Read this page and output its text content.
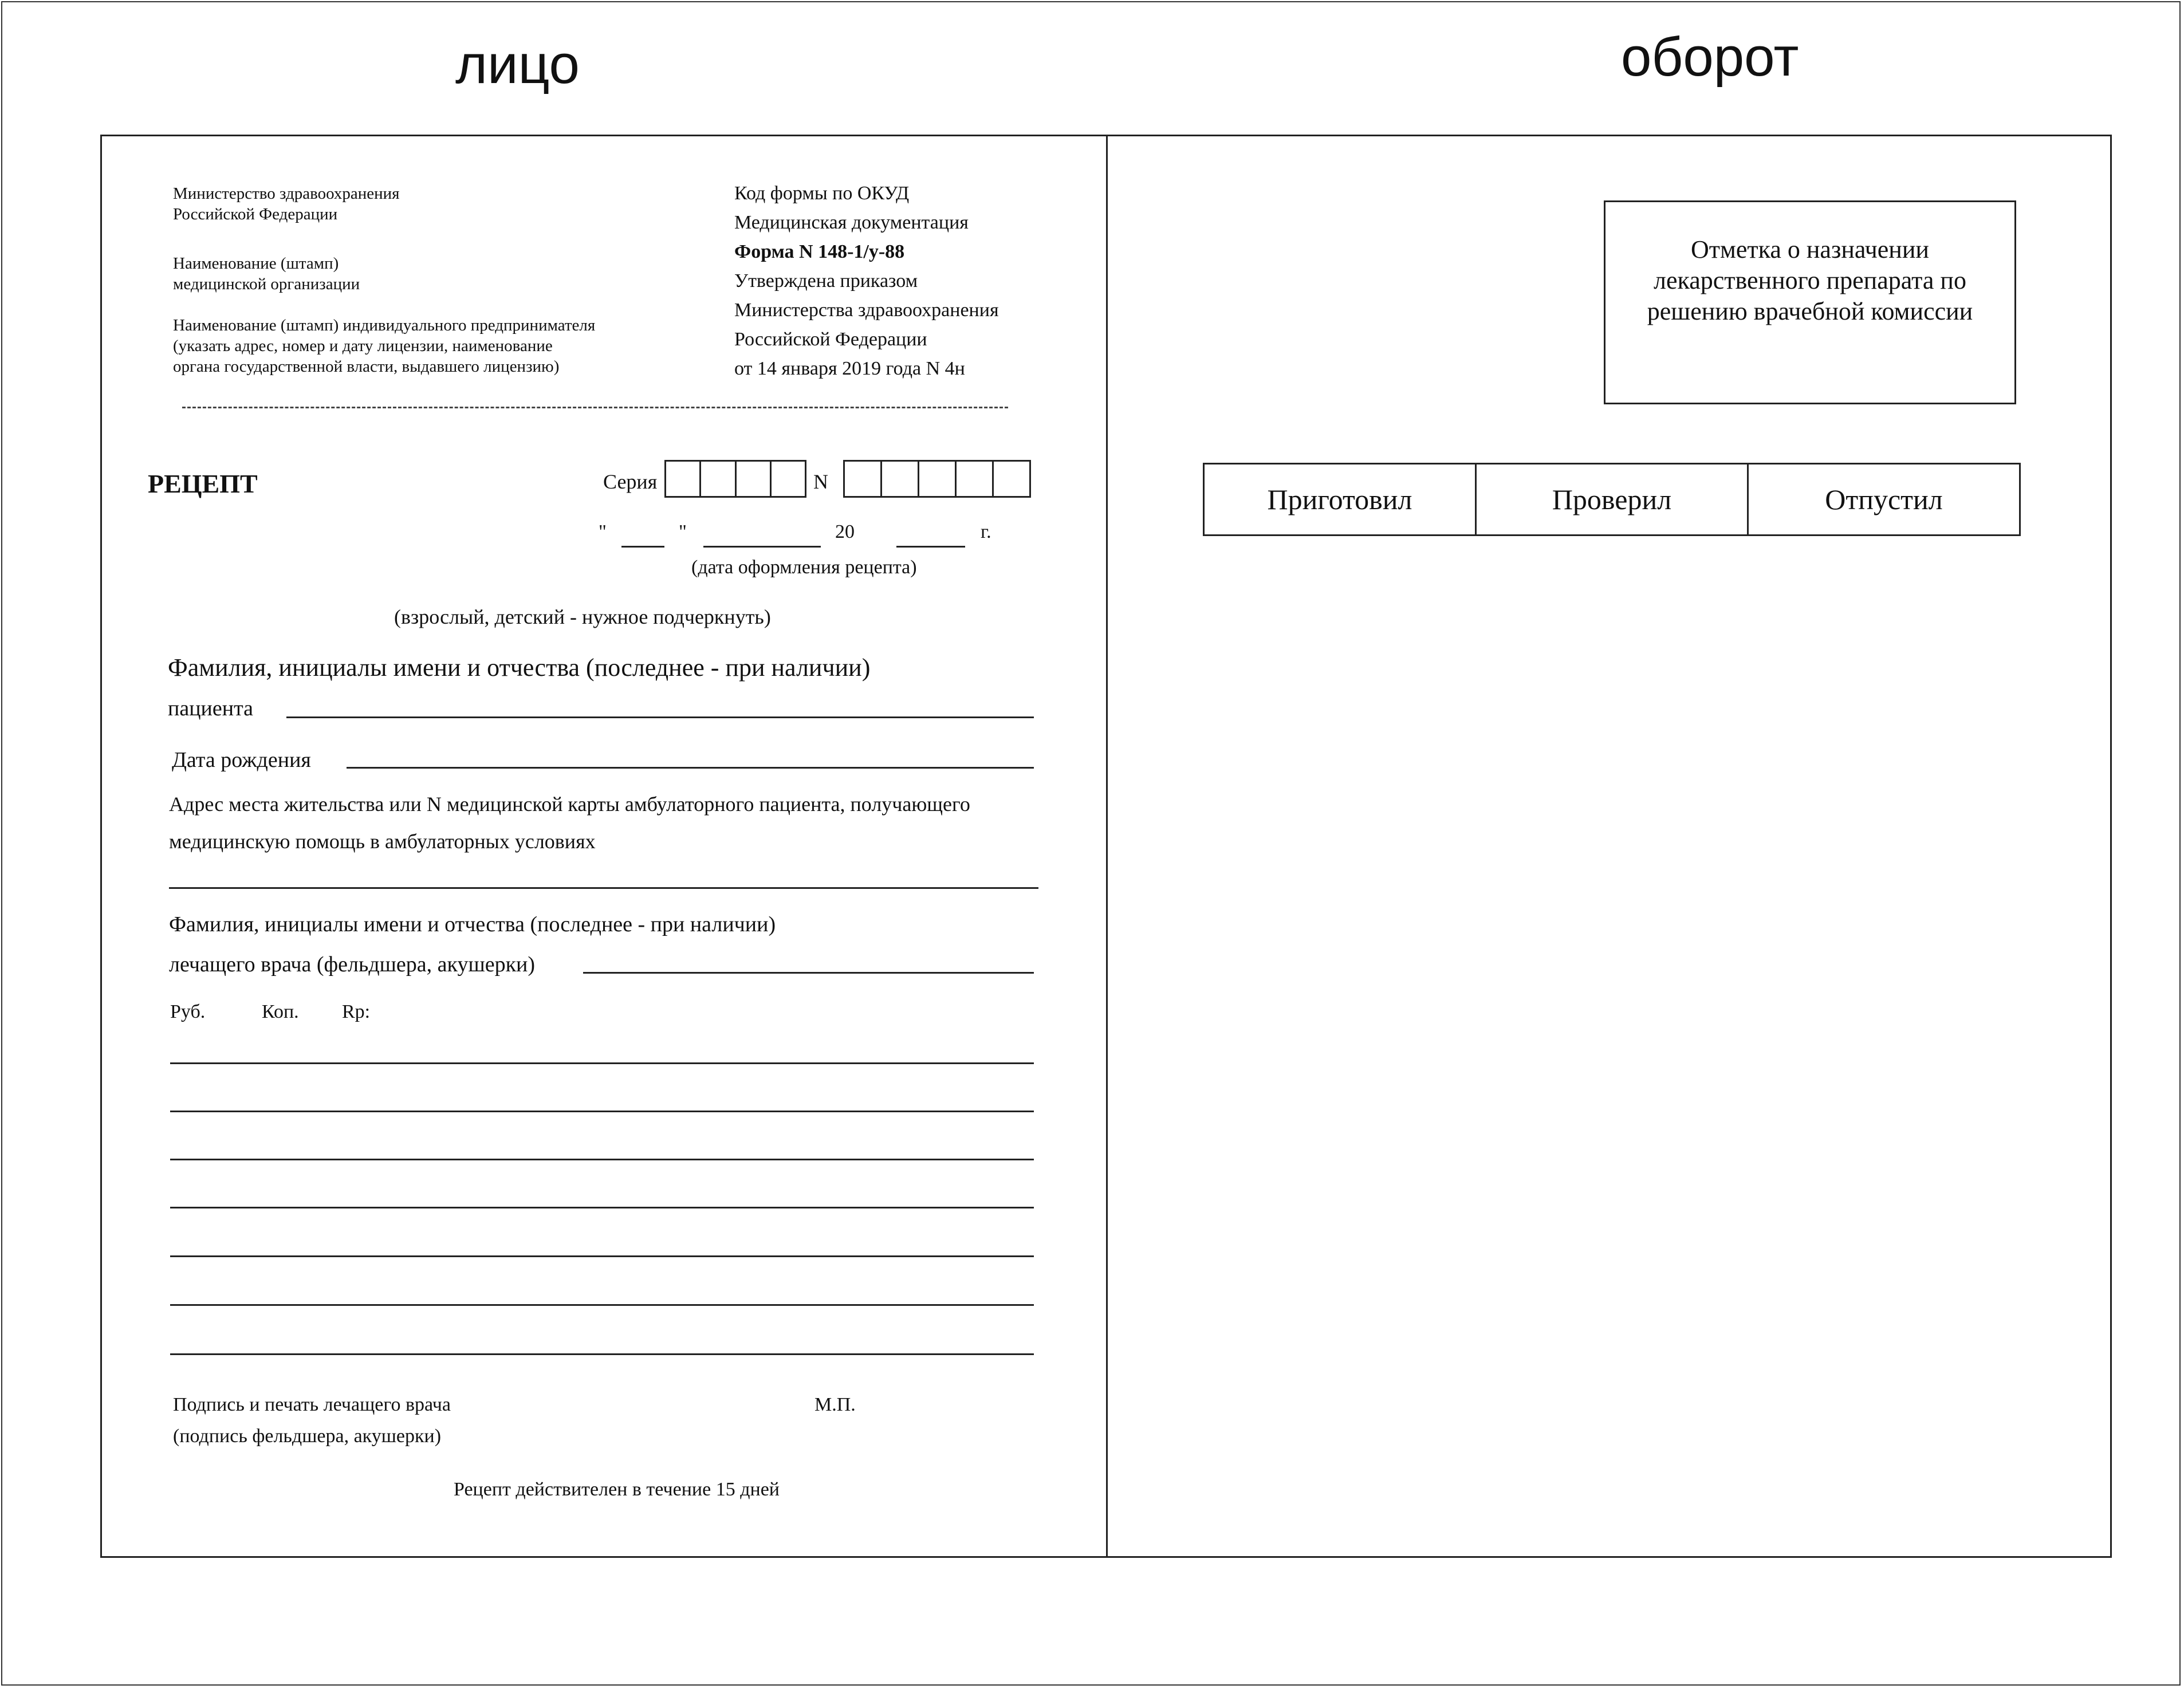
лицо	оборот
Министерство здравоохранения
Российской Федерации
Наименование (штамп)
медицинской организации
Наименование (штамп) индивидуального предпринимателя
(указать адрес, номер и дату лицензии, наименование
органа государственной власти, выдавшего лицензию)
Код формы по ОКУД
Медицинская документация
Форма N 148-1/у-88
Утверждена приказом
Министерства здравоохранения
Российской Федерации
от 14 января 2019 года N 4н
РЕЦЕПТ	Серия	N
"	"	20	г.
(дата оформления рецепта)
(взрослый, детский - нужное подчеркнуть)
Фамилия, инициалы имени и отчества (последнее - при наличии)
пациента
Дата рождения
Адрес места жительства или N медицинской карты амбулаторного пациента, получающего
медицинскую помощь в амбулаторных условиях
Фамилия, инициалы имени и отчества (последнее - при наличии)
лечащего врача (фельдшера, акушерки)
Руб.	Коп. Rp:
Подпись и печать лечащего врача
(подпись фельдшера, акушерки)
М.П.
Рецепт действителен в течение 15 дней
Отметка о назначении
лекарственного препарата по
решению врачебной комиссии
Приготовил	Проверил	Отпустил
